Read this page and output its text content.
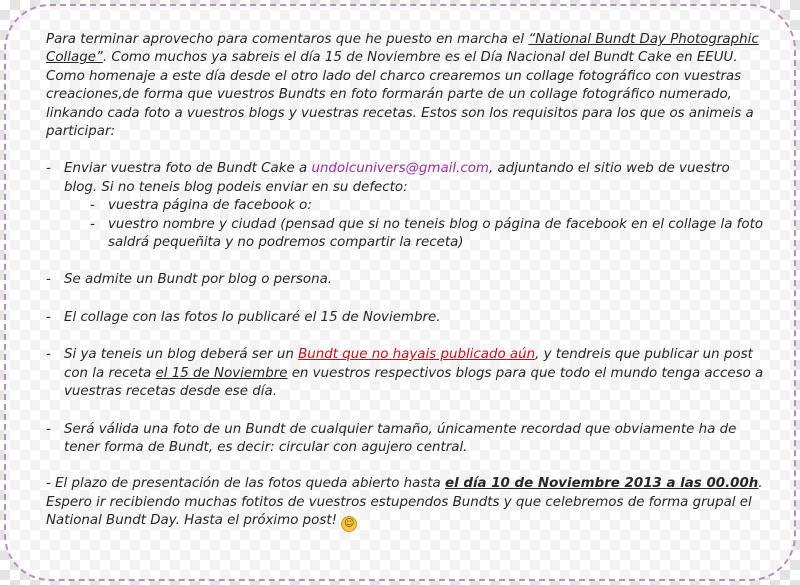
Para terminar aprovecho para comentaros que he puesto en marcha el “National Bundt Day Photographic Collage”. Como muchos ya sabreis el día 15 de Noviembre es el Día Nacional del Bundt Cake en EEUU. Como homenaje a este día desde el otro lado del charco crearemos un collage fotográfico con vuestras creaciones,de forma que vuestros Bundts en foto formarán parte de un collage fotográfico numerado, linkando cada foto a vuestros blogs y vuestras recetas. Estos son los requisitos para los que os animeis a participar:

- Enviar vuestra foto de Bundt Cake a undolcunivers@gmail.com, adjuntando el sitio web de vuestro blog. Si no teneis blog podeis enviar en su defecto:
- vuestra página de facebook o:
- vuestro nombre y ciudad (pensad que si no teneis blog o página de facebook en el collage la foto saldrá pequeñita y no podremos compartir la receta)
- Se admite un Bundt por blog o persona.
- El collage con las fotos lo publicaré el 15 de Noviembre.
- Si ya teneis un blog deberá ser un Bundt que no hayais publicado aún, y tendreis que publicar un post con la receta el 15 de Noviembre en vuestros respectivos blogs para que todo el mundo tenga acceso a vuestras recetas desde ese día.
- Será válida una foto de un Bundt de cualquier tamaño, únicamente recordad que obviamente ha de tener forma de Bundt, es decir: circular con agujero central.

- El plazo de presentación de las fotos queda abierto hasta el día 10 de Noviembre 2013 a las 00.00h.

Espero ir recibiendo muchas fotitos de vuestros estupendos Bundts y que celebremos de forma grupal el National Bundt Day. Hasta el próximo post! ☺
